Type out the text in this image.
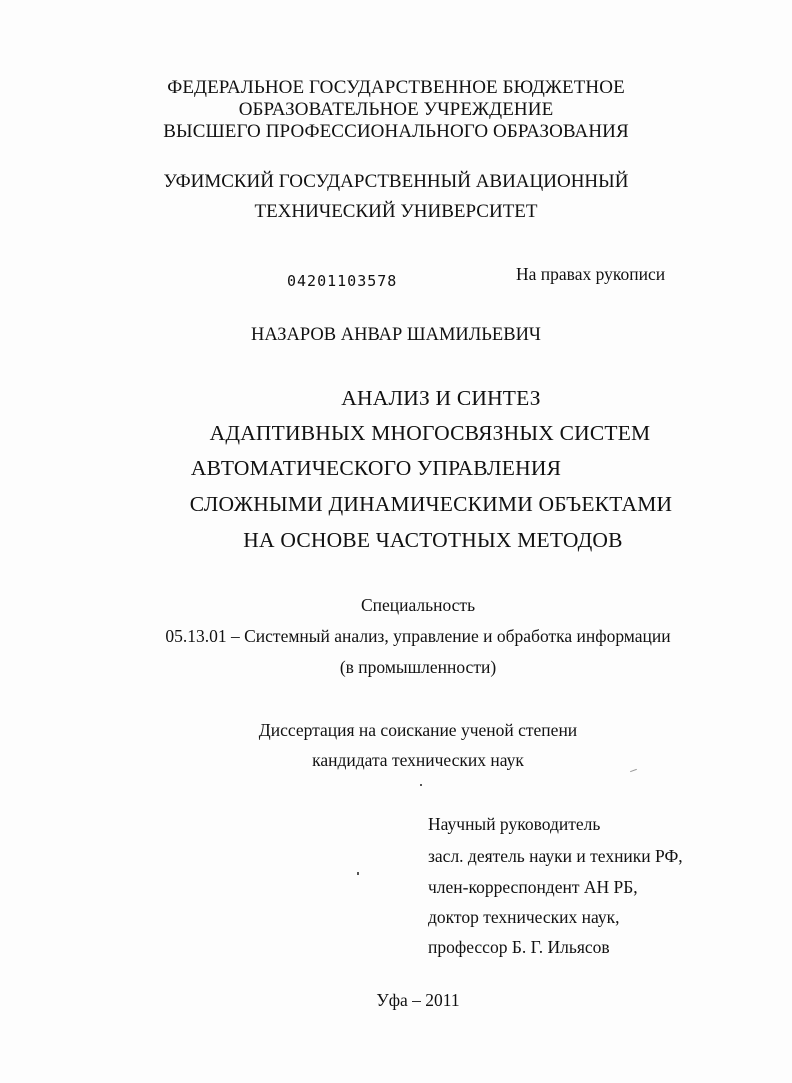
ФЕДЕРАЛЬНОЕ ГОСУДАРСТВЕННОЕ БЮДЖЕТНОЕ
ОБРАЗОВАТЕЛЬНОЕ УЧРЕЖДЕНИЕ
ВЫСШЕГО ПРОФЕССИОНАЛЬНОГО ОБРАЗОВАНИЯ
УФИМСКИЙ ГОСУДАРСТВЕННЫЙ АВИАЦИОННЫЙ
ТЕХНИЧЕСКИЙ УНИВЕРСИТЕТ
04201103578	На правах рукописи
НАЗАРОВ АНВАР ШАМИЛЬЕВИЧ
АНАЛИЗ И СИНТЕЗ
АДАПТИВНЫХ МНОГОСВЯЗНЫХ СИСТЕМ
АВТОМАТИЧЕСКОГО УПРАВЛЕНИЯ
СЛОЖНЫМИ ДИНАМИЧЕСКИМИ ОБЪЕКТАМИ
НА ОСНОВЕ ЧАСТОТНЫХ МЕТОДОВ
Специальность
05.13.01 – Системный анализ, управление и обработка информации
(в промышленности)
Диссертация на соискание ученой степени
кандидата технических наук
Научный руководитель
засл. деятель науки и техники РФ,
член-корреспондент АН РБ,
доктор технических наук,
профессор Б. Г. Ильясов
Уфа – 2011
